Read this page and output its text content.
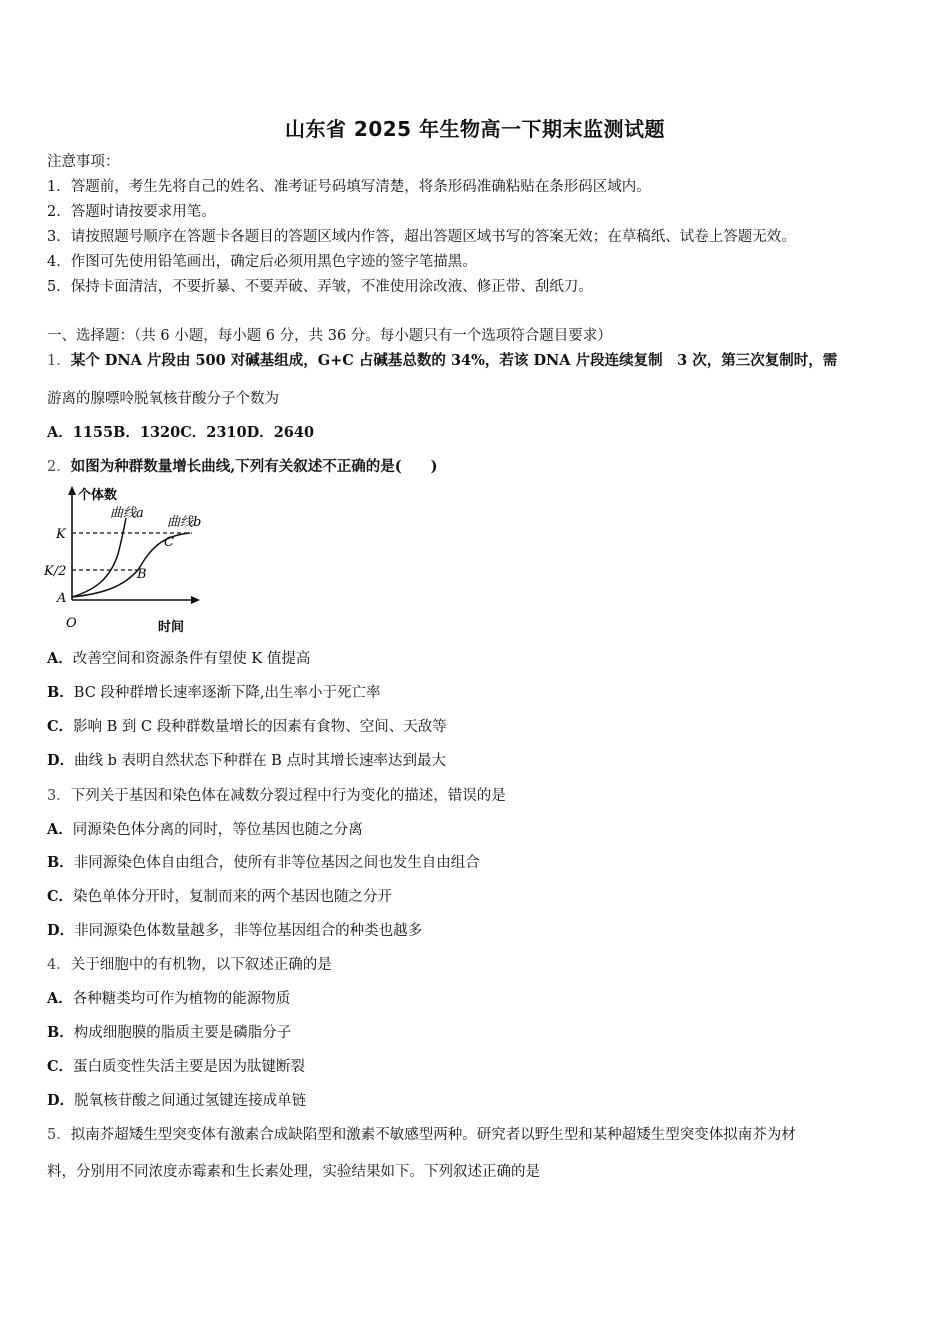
山东省 2025 年生物高一下期末监测试题
注意事项：
1．答题前，考生先将自己的姓名、准考证号码填写清楚，将条形码准确粘贴在条形码区域内。
2．答题时请按要求用笔。
3．请按照题号顺序在答题卡各题目的答题区域内作答，超出答题区域书写的答案无效；在草稿纸、试卷上答题无效。
4．作图可先使用铅笔画出，确定后必须用黑色字迹的签字笔描黑。
5．保持卡面清洁，不要折暴、不要弄破、弄皱，不准使用涂改液、修正带、刮纸刀。
一、选择题：（共 6 小题，每小题 6 分，共 36 分。每小题只有一个选项符合题目要求）
1．某个 DNA 片段由 500 对碱基组成，G+C 占碱基总数的 34%，若该 DNA 片段连续复制　3 次，第三次复制时，需
游离的腺嘌呤脱氧核苷酸分子个数为
A．1155B．1320C．2310D．2640
2．如图为种群数量增长曲线,下列有关叙述不正确的是(　　)
个体数
曲线a
曲线b
K
K/2
A
B
C
O	时间
A．改善空间和资源条件有望使 K 值提高
B．BC 段种群增长速率逐渐下降,出生率小于死亡率
C．影响 B 到 C 段种群数量增长的因素有食物、空间、天敌等
D．曲线 b 表明自然状态下种群在 B 点时其增长速率达到最大
3．下列关于基因和染色体在减数分裂过程中行为变化的描述，错误的是
A．同源染色体分离的同时，等位基因也随之分离
B．非同源染色体自由组合，使所有非等位基因之间也发生自由组合
C．染色单体分开时，复制而来的两个基因也随之分开
D．非同源染色体数量越多，非等位基因组合的种类也越多
4．关于细胞中的有机物，以下叙述正确的是
A．各种糖类均可作为植物的能源物质
B．构成细胞膜的脂质主要是磷脂分子
C．蛋白质变性失活主要是因为肽键断裂
D．脱氧核苷酸之间通过氢键连接成单链
5．拟南芥超矮生型突变体有激素合成缺陷型和激素不敏感型两种。研究者以野生型和某种超矮生型突变体拟南芥为材
料，分别用不同浓度赤霉素和生长素处理，实验结果如下。下列叙述正确的是
